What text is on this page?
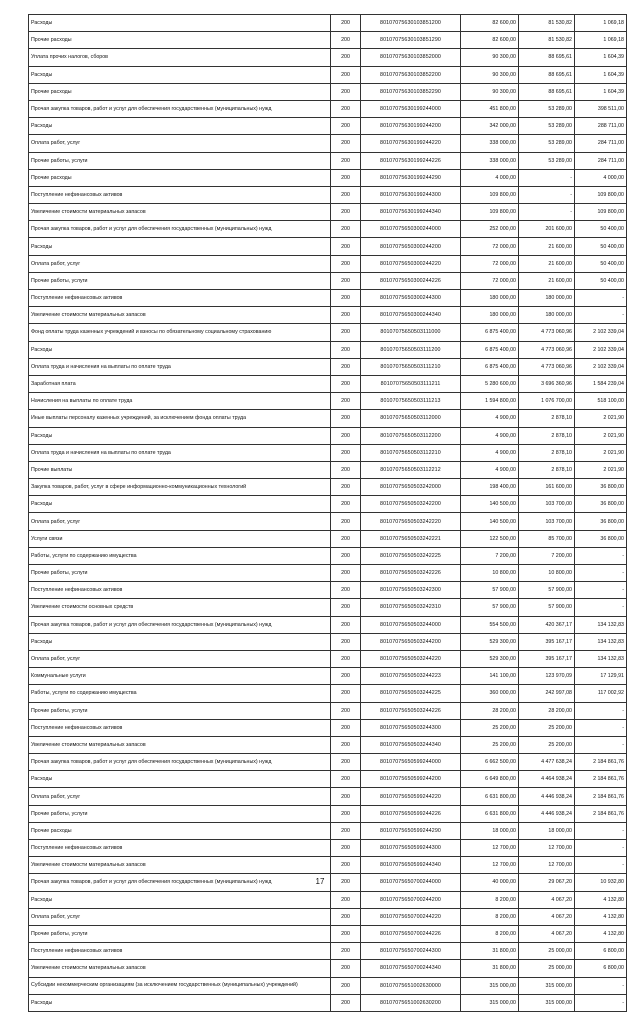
Расходы	200	80107075630103851200	82 600,00	81 530,82	1 069,18
Прочие расходы	200	80107075630103851290	82 600,00	81 530,82	1 069,18
Уплата прочих налогов, сборов	200	80107075630103852000	90 300,00	88 695,61	1 604,39
Расходы	200	80107075630103852200	90 300,00	88 695,61	1 604,39
Прочие расходы	200	80107075630103852290	90 300,00	88 695,61	1 604,39
Прочая закупка товаров, работ и услуг для обеспечения государственных (муниципальных) нужд	200	80107075630199244000	451 800,00	53 289,00	398 511,00
Расходы	200	80107075630199244200	342 000,00	53 289,00	288 711,00
Оплата работ, услуг	200	80107075630199244220	338 000,00	53 289,00	284 711,00
Прочие работы, услуги	200	80107075630199244226	338 000,00	53 289,00	284 711,00
Прочие расходы	200	80107075630199244290	4 000,00	-	4 000,00
Поступление нефинансовых активов	200	80107075630199244300	109 800,00	-	109 800,00
Увеличение стоимости материальных запасов	200	80107075630199244340	109 800,00	-	109 800,00
Прочая закупка товаров, работ и услуг для обеспечения государственных (муниципальных) нужд	200	80107075650300244000	252 000,00	201 600,00	50 400,00
Расходы	200	80107075650300244200	72 000,00	21 600,00	50 400,00
Оплата работ, услуг	200	80107075650300244220	72 000,00	21 600,00	50 400,00
Прочие работы, услуги	200	80107075650300244226	72 000,00	21 600,00	50 400,00
Поступление нефинансовых активов	200	80107075650300244300	180 000,00	180 000,00	-
Увеличение стоимости материальных запасов	200	80107075650300244340	180 000,00	180 000,00	-
Фонд оплаты труда казенных учреждений и взносы по обязательному социальному страхованию	200	80107075650503111000	6 875 400,00	4 773 060,96	2 102 339,04
Расходы	200	80107075650503111200	6 875 400,00	4 773 060,96	2 102 339,04
Оплата труда и начисления на выплаты по оплате труда	200	80107075650503111210	6 875 400,00	4 773 060,96	2 102 339,04
Заработная плата	200	80107075650503111211	5 280 600,00	3 696 360,96	1 584 239,04
Начисления на выплаты по оплате труда	200	80107075650503111213	1 594 800,00	1 076 700,00	518 100,00
Иные выплаты персоналу казенных учреждений, за исключением фонда оплаты труда	200	80107075650503112000	4 900,00	2 878,10	2 021,90
Расходы	200	80107075650503112200	4 900,00	2 878,10	2 021,90
Оплата труда и начисления на выплаты по оплате труда	200	80107075650503112210	4 900,00	2 878,10	2 021,90
Прочие выплаты	200	80107075650503112212	4 900,00	2 878,10	2 021,90
Закупка товаров, работ, услуг в сфере информационно-коммуникационных технологий	200	80107075650503242000	198 400,00	161 600,00	36 800,00
Расходы	200	80107075650503242200	140 500,00	103 700,00	36 800,00
Оплата работ, услуг	200	80107075650503242220	140 500,00	103 700,00	36 800,00
Услуги связи	200	80107075650503242221	122 500,00	85 700,00	36 800,00
Работы, услуги по содержанию имущества	200	80107075650503242225	7 200,00	7 200,00	-
Прочие работы, услуги	200	80107075650503242226	10 800,00	10 800,00	-
Поступление нефинансовых активов	200	80107075650503242300	57 900,00	57 900,00	-
Увеличение стоимости основных средств	200	80107075650503242310	57 900,00	57 900,00	-
Прочая закупка товаров, работ и услуг для обеспечения государственных (муниципальных) нужд	200	80107075650503244000	554 500,00	420 367,17	134 132,83
Расходы	200	80107075650503244200	529 300,00	395 167,17	134 132,83
Оплата работ, услуг	200	80107075650503244220	529 300,00	395 167,17	134 132,83
Коммунальные услуги	200	80107075650503244223	141 100,00	123 970,09	17 129,91
Работы, услуги по содержанию имущества	200	80107075650503244225	360 000,00	242 997,08	117 002,92
Прочие работы, услуги	200	80107075650503244226	28 200,00	28 200,00	-
Поступление нефинансовых активов	200	80107075650503244300	25 200,00	25 200,00	-
Увеличение стоимости материальных запасов	200	80107075650503244340	25 200,00	25 200,00	-
Прочая закупка товаров, работ и услуг для обеспечения государственных (муниципальных) нужд	200	80107075650599244000	6 662 500,00	4 477 638,24	2 184 861,76
Расходы	200	80107075650599244200	6 649 800,00	4 464 938,24	2 184 861,76
Оплата работ, услуг	200	80107075650599244220	6 631 800,00	4 446 938,24	2 184 861,76
Прочие работы, услуги	200	80107075650599244226	6 631 800,00	4 446 938,24	2 184 861,76
Прочие расходы	200	80107075650599244290	18 000,00	18 000,00	-
Поступление нефинансовых активов	200	80107075650599244300	12 700,00	12 700,00	-
Увеличение стоимости материальных запасов	200	80107075650599244340	12 700,00	12 700,00	-
Прочая закупка товаров, работ и услуг для обеспечения государственных (муниципальных) нужд	200	80107075650700244000	40 000,00	29 067,20	10 932,80
Расходы	200	80107075650700244200	8 200,00	4 067,20	4 132,80
Оплата работ, услуг	200	80107075650700244220	8 200,00	4 067,20	4 132,80
Прочие работы, услуги	200	80107075650700244226	8 200,00	4 067,20	4 132,80
Поступление нефинансовых активов	200	80107075650700244300	31 800,00	25 000,00	6 800,00
Увеличение стоимости материальных запасов	200	80107075650700244340	31 800,00	25 000,00	6 800,00
Субсидии некоммерческим организациям (за исключением государственных (муниципальных) учреждений)	200	80107075651002630000	315 000,00	315 000,00	-
Расходы	200	80107075651002630200	315 000,00	315 000,00	-
17
